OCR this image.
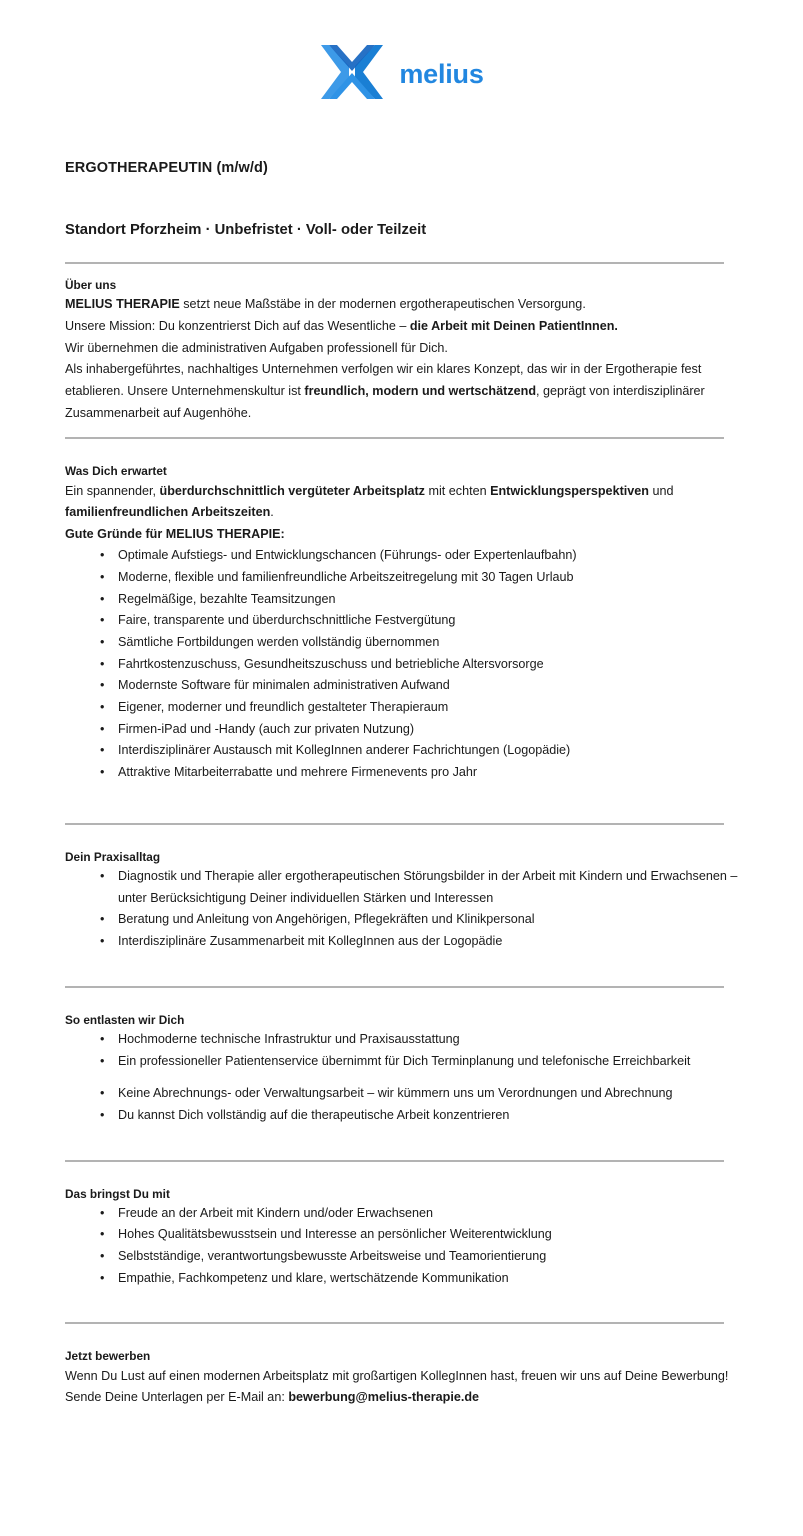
melius
ERGOTHERAPEUTIN (m/w/d)
Standort Pforzheim · Unbefristet · Voll- oder Teilzeit
Über uns

MELIUS THERAPIE setzt neue Maßstäbe in der modernen ergotherapeutischen Versorgung.

Unsere Mission: Du konzentrierst Dich auf das Wesentliche – die Arbeit mit Deinen PatientInnen.

Wir übernehmen die administrativen Aufgaben professionell für Dich.

Als inhabergeführtes, nachhaltiges Unternehmen verfolgen wir ein klares Konzept, das wir in der Ergotherapie fest etablieren. Unsere Unternehmenskultur ist freundlich, modern und wertschätzend, geprägt von interdisziplinärer Zusammenarbeit auf Augenhöhe.

Was Dich erwartet

Ein spannender, überdurchschnittlich vergüteter Arbeitsplatz mit echten Entwicklungsperspektiven und familienfreundlichen Arbeitszeiten.

Gute Gründe für MELIUS THERAPIE:

• Optimale Aufstiegs- und Entwicklungschancen (Führungs- oder Expertenlaufbahn)
• Moderne, flexible und familienfreundliche Arbeitszeitregelung mit 30 Tagen Urlaub
• Regelmäßige, bezahlte Teamsitzungen
• Faire, transparente und überdurchschnittliche Festvergütung
• Sämtliche Fortbildungen werden vollständig übernommen
• Fahrtkostenzuschuss, Gesundheitszuschuss und betriebliche Altersvorsorge
• Modernste Software für minimalen administrativen Aufwand
• Eigener, moderner und freundlich gestalteter Therapieraum
• Firmen-iPad und -Handy (auch zur privaten Nutzung)
• Interdisziplinärer Austausch mit KollegInnen anderer Fachrichtungen (Logopädie)
• Attraktive Mitarbeiterrabatte und mehrere Firmenevents pro Jahr
Dein Praxisalltag
• Diagnostik und Therapie aller ergotherapeutischen Störungsbilder in der Arbeit mit Kindern und Erwachsenen – unter Berücksichtigung Deiner individuellen Stärken und Interessen
• Beratung und Anleitung von Angehörigen, Pflegekräften und Klinikpersonal
• Interdisziplinäre Zusammenarbeit mit KollegInnen aus der Logopädie
So entlasten wir Dich
• Hochmoderne technische Infrastruktur und Praxisausstattung
• Ein professioneller Patientenservice übernimmt für Dich Terminplanung und telefonische Erreichbarkeit
• Keine Abrechnungs- oder Verwaltungsarbeit – wir kümmern uns um Verordnungen und Abrechnung
• Du kannst Dich vollständig auf die therapeutische Arbeit konzentrieren
Das bringst Du mit
• Freude an der Arbeit mit Kindern und/oder Erwachsenen
• Hohes Qualitätsbewusstsein und Interesse an persönlicher Weiterentwicklung
• Selbstständige, verantwortungsbewusste Arbeitsweise und Teamorientierung
• Empathie, Fachkompetenz und klare, wertschätzende Kommunikation
Jetzt bewerben

Wenn Du Lust auf einen modernen Arbeitsplatz mit großartigen KollegInnen hast, freuen wir uns auf Deine Bewerbung!

Sende Deine Unterlagen per E-Mail an: bewerbung@melius-therapie.de
